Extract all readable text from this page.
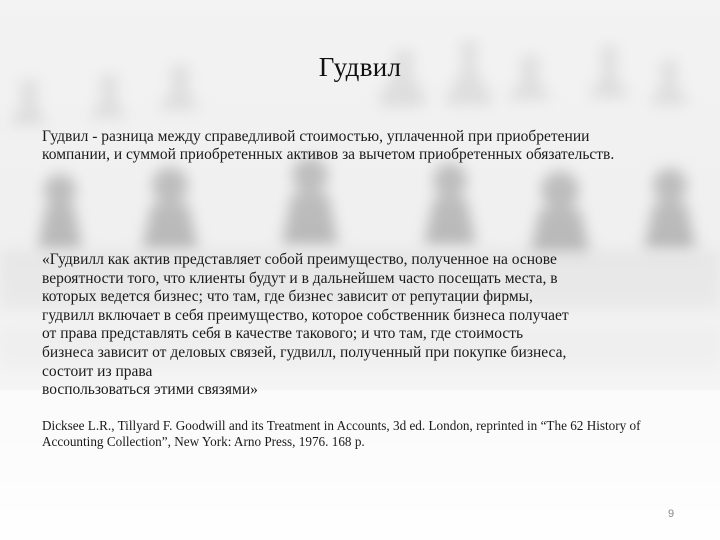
Гудвил

Гудвил - разница между справедливой стоимостью, уплаченной при приобретении компании, и суммой приобретенных активов за вычетом приобретенных обязательств.

«Гудвилл как актив представляет собой преимущество, полученное на основе
вероятности того, что клиенты будут и в дальнейшем часто посещать места, в
которых ведется бизнес; что там, где бизнес зависит от репутации фирмы,
гудвилл включает в себя преимущество, которое собственник бизнеса получает
от права представлять себя в качестве такового; и что там, где стоимость
бизнеса зависит от деловых связей, гудвилл, полученный при покупке бизнеса,
состоит из права
воспользоваться этими связями»

Dicksee L.R., Tillyard F. Goodwill and its Treatment in Accounts, 3d ed. London, reprinted in “The 62 History of Accounting Collection”, New York: Arno Press, 1976. 168 p.

9
